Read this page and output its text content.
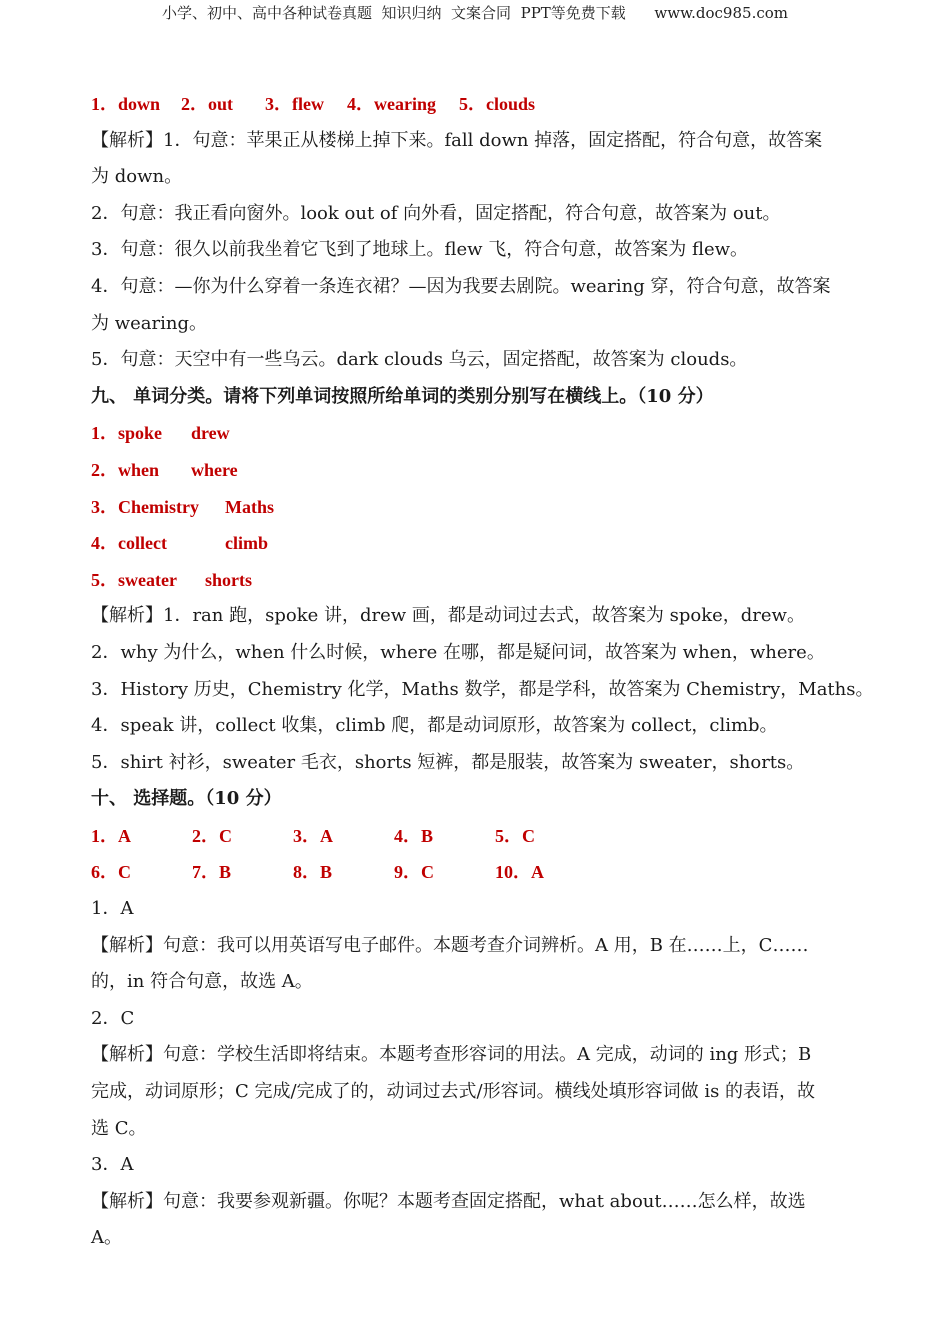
小学、初中、高中各种试卷真题  知识归纳  文案合同  PPT等免费下载      www.doc985.com
1．down 2．out 3．flew 4．wearing 5．clouds
【解析】1．句意：苹果正从楼梯上掉下来。fall down 掉落，固定搭配，符合句意，故答案
为 down。
2．句意：我正看向窗外。look out of 向外看，固定搭配，符合句意，故答案为 out。
3．句意：很久以前我坐着它飞到了地球上。flew 飞，符合句意，故答案为 flew。
4．句意：—你为什么穿着一条连衣裙？—因为我要去剧院。wearing 穿，符合句意，故答案
为 wearing。
5．句意：天空中有一些乌云。dark clouds 乌云，固定搭配，故答案为 clouds。
九、 单词分类。请将下列单词按照所给单词的类别分别写在横线上。（10 分）
1．spoke drew
2．when where
3．Chemistry Maths
4．collect	climb
5．sweater shorts
【解析】1．ran 跑，spoke 讲，drew 画，都是动词过去式，故答案为 spoke，drew。
2．why 为什么，when 什么时候，where 在哪，都是疑问词，故答案为 when，where。
3．History 历史，Chemistry 化学，Maths 数学，都是学科，故答案为 Chemistry，Maths。
4．speak 讲，collect 收集，climb 爬，都是动词原形，故答案为 collect，climb。
5．shirt 衬衫，sweater 毛衣，shorts 短裤，都是服装，故答案为 sweater，shorts。
十、 选择题。（10 分）
1．A	2．C	3．A	4．B	5．C
6．C	7．B	8．B	9．C	10．A
1．A
【解析】句意：我可以用英语写电子邮件。本题考查介词辨析。A 用，B 在……上，C……
的，in 符合句意，故选 A。
2．C
【解析】句意：学校生活即将结束。本题考查形容词的用法。A 完成，动词的 ing 形式；B
完成，动词原形；C 完成/完成了的，动词过去式/形容词。横线处填形容词做 is 的表语，故
选 C。
3．A
【解析】句意：我要参观新疆。你呢？本题考查固定搭配，what about……怎么样，故选
A。
